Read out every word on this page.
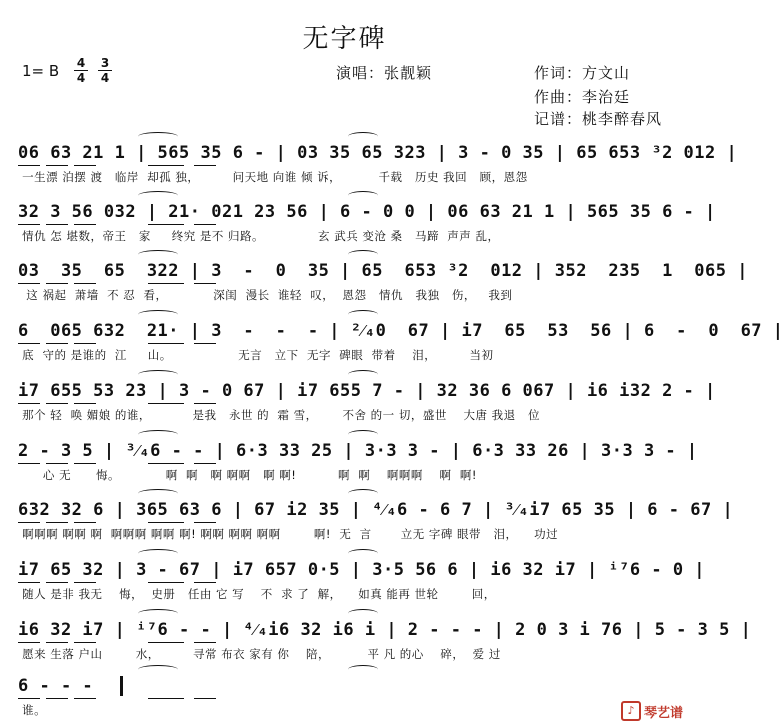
无字碑
1= B 4
4
3
4	演唱：张靓颖	作词：方文山
作曲：李治廷
记谱：桃李醉春风
06 63 21 1 | 565 35 6 - | 03 35 65 323 | 3 - 0 35 | 65 653 ³2 012 |
一生漂 泊摆 渡   临岸  却孤 独，        问天地 向谁 倾 诉，         千载   历史 我回   顾，恩怨
32 3 56 032 | 21· 021 23 56 | 6 - 0 0 | 06 63 21 1 | 565 35 6 - |
情仇 怎 堪数，帝王   家     终究 是不 归路。             玄 武兵 变沧 桑   马蹄  声声 乱，
03  35  65  322 | 3  -  0  35 | 65  653 ³2  012 | 352  235  1  065 |
这 祸起  萧墙  不 忍  看，           深闺  漫长  谁轻  叹，  恩怨   情仇   我独   伤，   我到
6  065 632  21· | 3  -  -  - | ²⁄₄0  67 | i7  65  53  56 | 6  -  0  67 |
底  守的 是谁的  江     山。                无言   立下  无字  碑眼  带着    泪，        当初
i7 655 53 23 | 3 - 0 67 | i7 655 7 - | 32 36 6 067 | i6 i32 2 - |
那个 轻  唤 媚娘 的谁，          是我   永世 的  霜 雪，      不舍 的一 切，盛世    大唐 我退   位
2 - 3 5 | ³⁄₄6 - - | 6·3 33 25 | 3·3 3 - | 6·3 33 26 | 3·3 3 - |
心 无      悔。           啊  啊   啊 啊啊   啊 啊!          啊  啊    啊啊啊    啊  啊!
632 32 6 | 365 63 6 | 67 i2 35 | ⁴⁄₄6 - 6 7 | ³⁄₄i7 65 35 | 6 - 67 |
啊啊啊 啊啊 啊  啊啊啊 啊啊 啊! 啊啊 啊啊 啊啊        啊!  无  言       立无 字碑 眼带   泪，    功过
i7 65 32 | 3 - 67 | i7 657 0·5 | 3·5 56 6 | i6 32 i7 | ⁱ⁷6 - 0 |
随人 是非 我无    悔，  史册   任由 它 写    不  求 了  解，    如真 能再 世轮        回，
i6 32 i7 | ⁱ⁷6 - - | ⁴⁄₄i6 32 i6 i | 2 - - - | 2 0 3 i 76 | 5 - 3 5 |
愿来 生落 户山        水，        寻常 布衣 家有 你    陪，         平 凡 的心    碎，  爱 过
6 - - -
谁。	♪ 琴艺谱
